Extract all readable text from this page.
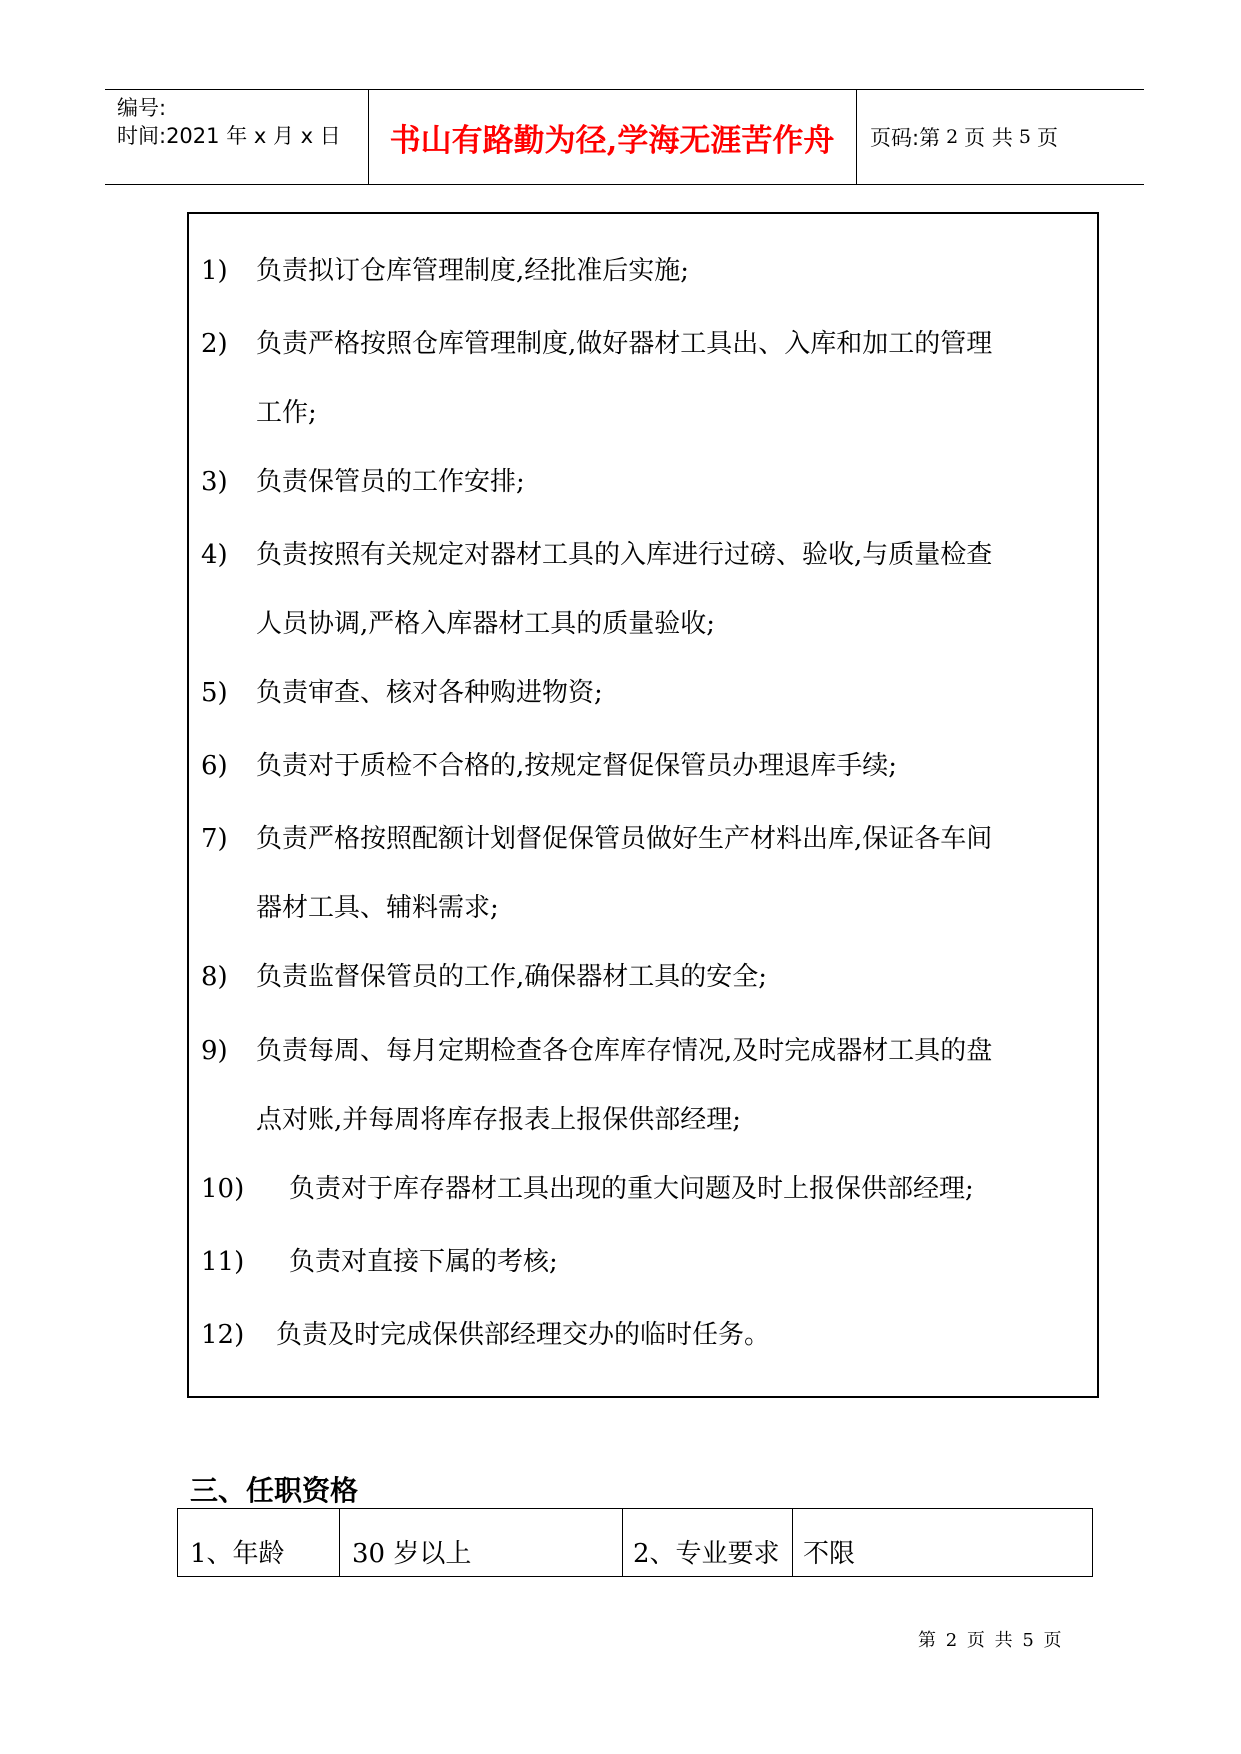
编号:
时间:2021 年 x 月 x 日	书山有路勤为径,学海无涯苦作舟	页码:第 2 页 共 5 页
1) 负责拟订仓库管理制度,经批准后实施;
2) 负责严格按照仓库管理制度,做好器材工具出、入库和加工的管理
工作;
3) 负责保管员的工作安排;
4) 负责按照有关规定对器材工具的入库进行过磅、验收,与质量检查
人员协调,严格入库器材工具的质量验收;
5) 负责审查、核对各种购进物资;
6) 负责对于质检不合格的,按规定督促保管员办理退库手续;
7) 负责严格按照配额计划督促保管员做好生产材料出库,保证各车间
器材工具、辅料需求;
8) 负责监督保管员的工作,确保器材工具的安全;
9) 负责每周、每月定期检查各仓库库存情况,及时完成器材工具的盘
点对账,并每周将库存报表上报保供部经理;
10) 负责对于库存器材工具出现的重大问题及时上报保供部经理;
11) 负责对直接下属的考核;
12) 负责及时完成保供部经理交办的临时任务。
三、任职资格
1、年龄	30 岁以上	2、专业要求 不限
第 2 页 共 5 页
